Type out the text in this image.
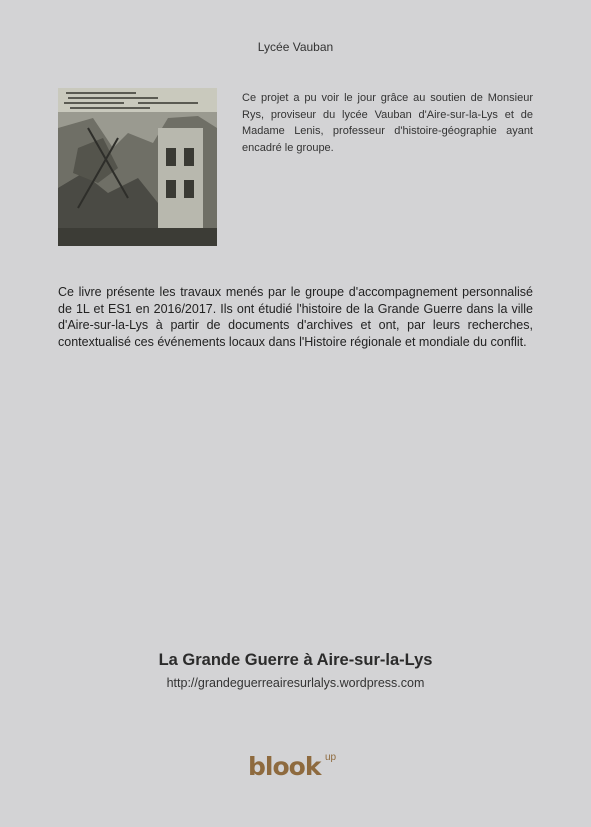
Lycée Vauban
Ce projet a pu voir le jour grâce au soutien de Monsieur Rys, proviseur du lycée Vauban d'Aire-sur-la-Lys et de Madame Lenis, professeur d'histoire-géographie ayant encadré le groupe.
Ce livre présente les travaux menés par le groupe d'accompagnement personnalisé de 1L et ES1 en 2016/2017. Ils ont étudié l'histoire de la Grande Guerre dans la ville d'Aire-sur-la-Lys à partir de documents d'archives et ont, par leurs recherches, contextualisé ces événements locaux dans l'Histoire régionale et mondiale du conflit.
La Grande Guerre à Aire-sur-la-Lys
http://grandeguerreairesurlalys.wordpress.com
blook up
